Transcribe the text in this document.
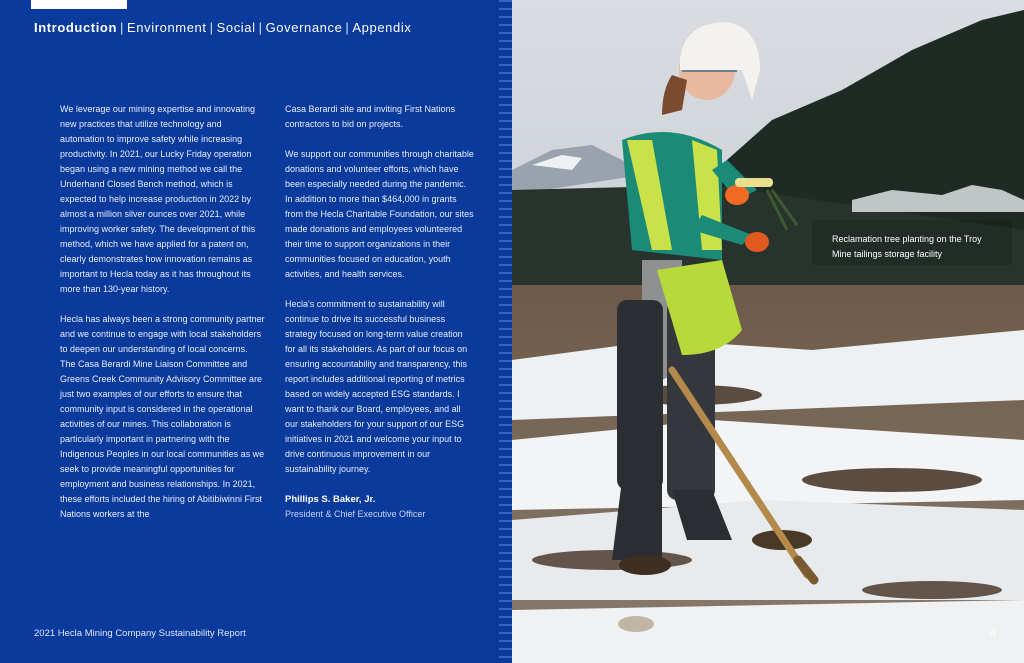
Introduction | Environment | Social | Governance | Appendix

We leverage our mining expertise and innovating new practices that utilize technology and automation to improve safety while increasing productivity. In 2021, our Lucky Friday operation began using a new mining method we call the Underhand Closed Bench method, which is expected to help increase production in 2022 by almost a million silver ounces over 2021, while improving worker safety. The development of this method, which we have applied for a patent on, clearly demonstrates how innovation remains as important to Hecla today as it has throughout its more than 130-year history.

Hecla has always been a strong community partner and we continue to engage with local stakeholders to deepen our understanding of local concerns. The Casa Berardi Mine Liaison Committee and Greens Creek Community Advisory Committee are just two examples of our efforts to ensure that community input is considered in the operational activities of our mines. This collaboration is particularly important in partnering with the Indigenous Peoples in our local communities as we seek to provide meaningful opportunities for employment and business relationships. In 2021, these efforts included the hiring of Abitibiwinni First Nations workers at the

Casa Berardi site and inviting First Nations contractors to bid on projects.

We support our communities through charitable donations and volunteer efforts, which have been especially needed during the pandemic. In addition to more than $464,000 in grants from the Hecla Charitable Foundation, our sites made donations and employees volunteered their time to support organizations in their communities focused on education, youth activities, and health services.

Hecla's commitment to sustainability will continue to drive its successful business strategy focused on long-term value creation for all its stakeholders. As part of our focus on ensuring accountability and transparency, this report includes additional reporting of metrics based on widely accepted ESG standards. I want to thank our Board, employees, and all our stakeholders for your support of our ESG initiatives in 2021 and welcome your input to drive continuous improvement in our sustainability journey.

Phillips S. Baker, Jr.

President & Chief Executive Officer

2021 Hecla Mining Company Sustainability Report
Reclamation tree planting on the Troy Mine tailings storage facility
4
